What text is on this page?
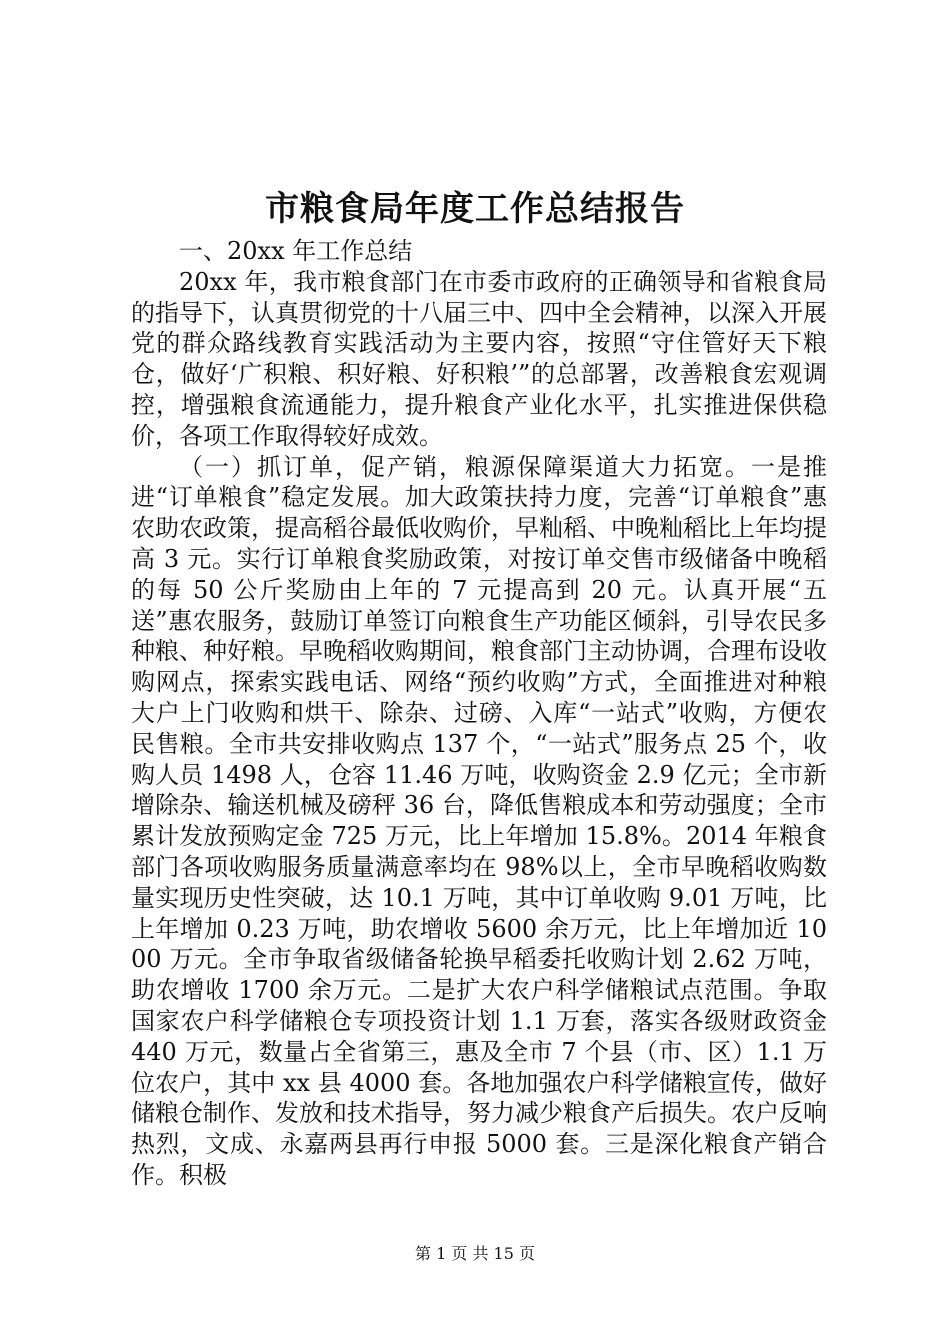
市粮食局年度工作总结报告

一、20xx 年工作总结

20xx 年，我市粮食部门在市委市政府的正确领导和省粮食局的指导下，认真贯彻党的十八届三中、四中全会精神，以深入开展党的群众路线教育实践活动为主要内容，按照“守住管好天下粮仓，做好‘广积粮、积好粮、好积粮’”的总部署，改善粮食宏观调控，增强粮食流通能力，提升粮食产业化水平，扎实推进保供稳价，各项工作取得较好成效。

（一）抓订单，促产销，粮源保障渠道大力拓宽。一是推进“订单粮食”稳定发展。加大政策扶持力度，完善“订单粮食”惠农助农政策，提高稻谷最低收购价，早籼稻、中晚籼稻比上年均提高 3 元。实行订单粮食奖励政策，对按订单交售市级储备中晚稻的每 50 公斤奖励由上年的 7 元提高到 20 元。认真开展“五送”惠农服务，鼓励订单签订向粮食生产功能区倾斜，引导农民多种粮、种好粮。早晚稻收购期间，粮食部门主动协调，合理布设收购网点，探索实践电话、网络“预约收购”方式，全面推进对种粮大户上门收购和烘干、除杂、过磅、入库“一站式”收购，方便农民售粮。全市共安排收购点 137 个，“一站式”服务点 25 个，收购人员 1498 人，仓容 11.46 万吨，收购资金 2.9 亿元；全市新增除杂、输送机械及磅秤 36 台，降低售粮成本和劳动强度；全市累计发放预购定金 725 万元，比上年增加 15.8%。2014 年粮食部门各项收购服务质量满意率均在 98%以上，全市早晚稻收购数量实现历史性突破，达 10.1 万吨，其中订单收购 9.01 万吨，比上年增加 0.23 万吨，助农增收 5600 余万元，比上年增加近 1000 万元。全市争取省级储备轮换早稻委托收购计划 2.62 万吨，助农增收 1700 余万元。二是扩大农户科学储粮试点范围。争取国家农户科学储粮仓专项投资计划 1.1 万套，落实各级财政资金 440 万元，数量占全省第三，惠及全市 7 个县（市、区）1.1 万位农户，其中 xx 县 4000 套。各地加强农户科学储粮宣传，做好储粮仓制作、发放和技术指导，努力减少粮食产后损失。农户反响热烈，文成、永嘉两县再行申报 5000 套。三是深化粮食产销合作。积极

第 1 页 共 15 页
